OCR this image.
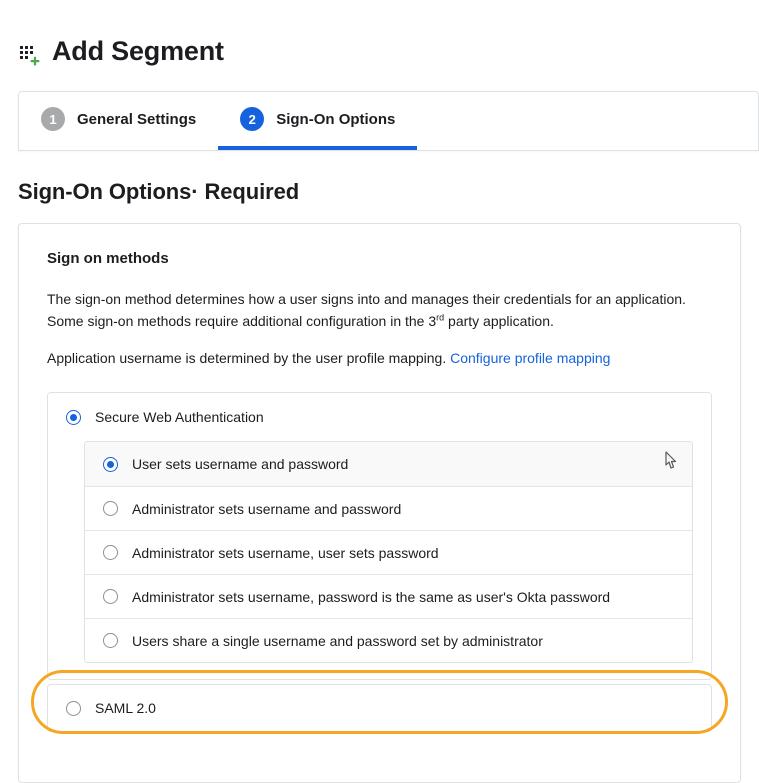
Add Segment
1	General Settings	2	Sign-On Options
Sign-On Options· Required
Sign on methods
The sign-on method determines how a user signs into and manages their credentials for an application. Some sign-on methods require additional configuration in the 3rd party application.
Application username is determined by the user profile mapping. Configure profile mapping
Secure Web Authentication
User sets username and password
Administrator sets username and password
Administrator sets username, user sets password
Administrator sets username, password is the same as user's Okta password
Users share a single username and password set by administrator
SAML 2.0
